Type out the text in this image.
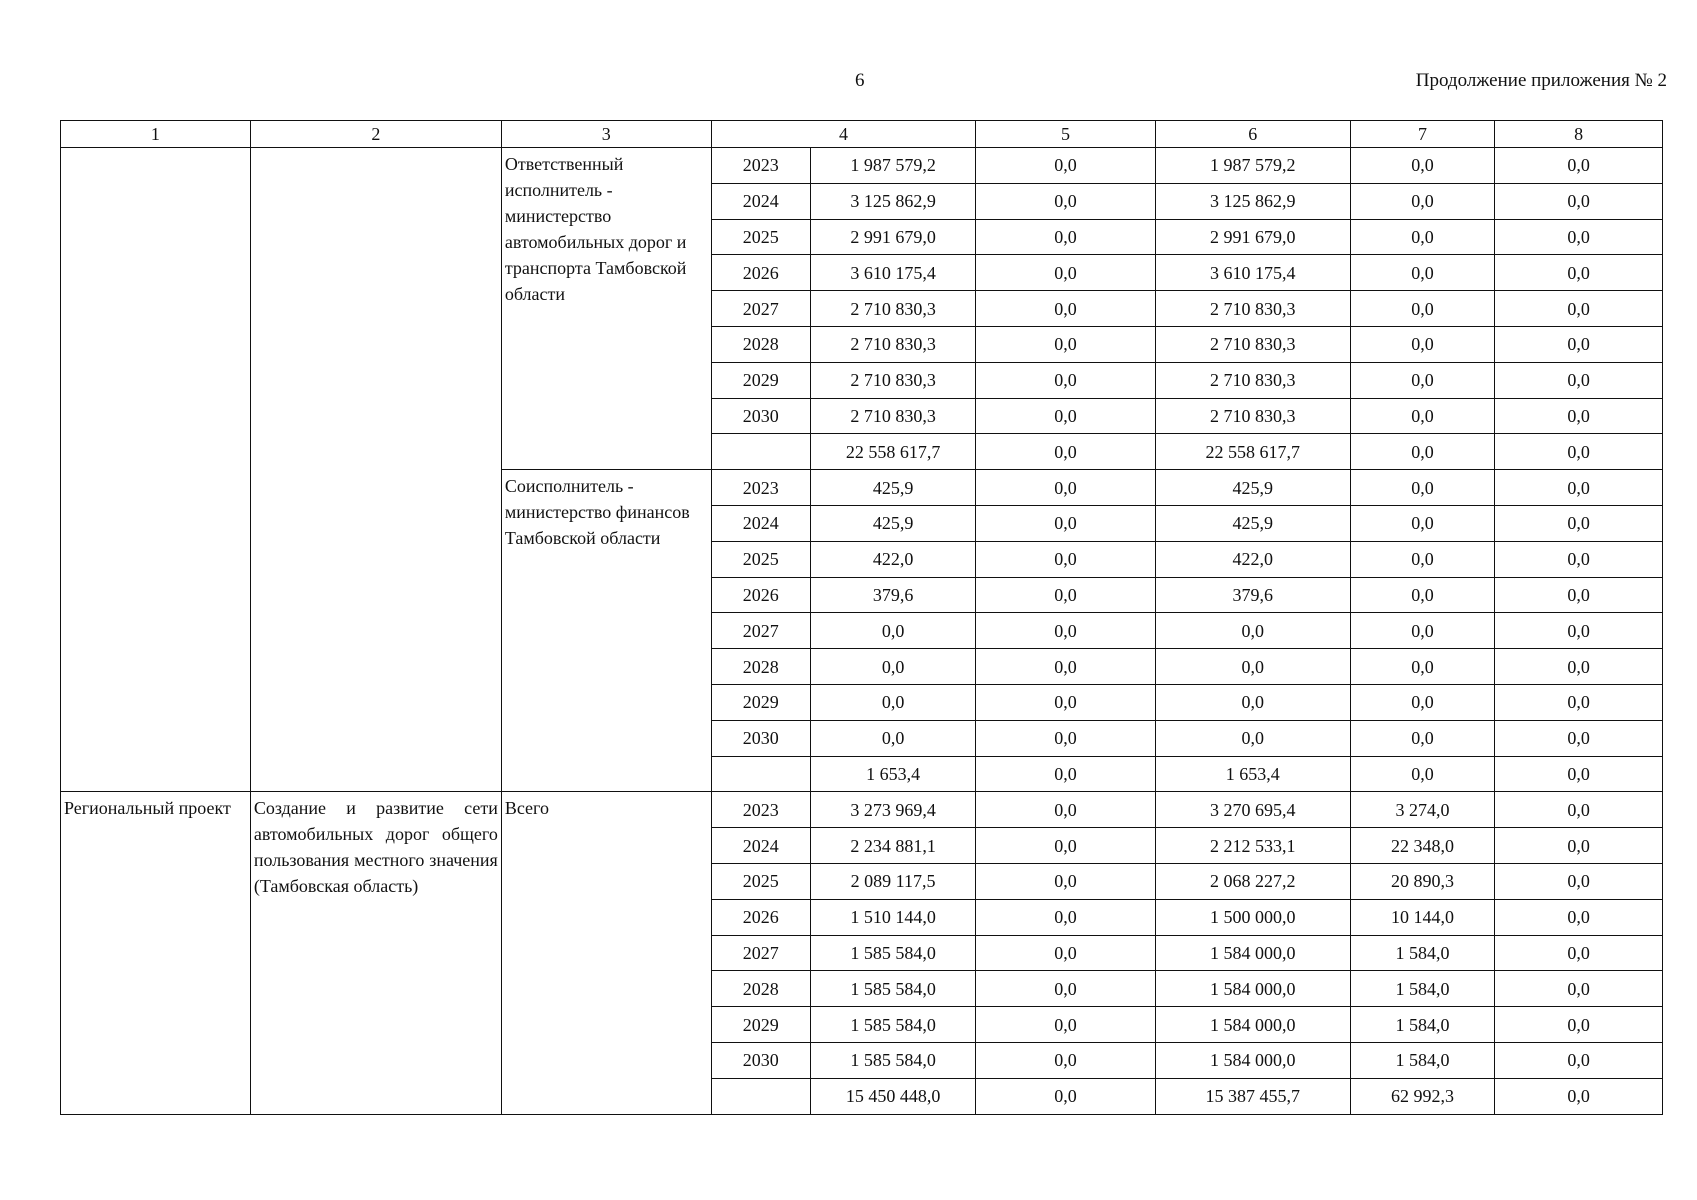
6	Продолжение приложения № 2
1	2	3	4		5	6	7	8
		Ответственный исполнитель - министерство автомобильных дорог и транспорта Тамбовской области	2023	1 987 579,2	0,0	1 987 579,2	0,0	0,0
			2024	3 125 862,9	0,0	3 125 862,9	0,0	0,0
			2025	2 991 679,0	0,0	2 991 679,0	0,0	0,0
			2026	3 610 175,4	0,0	3 610 175,4	0,0	0,0
			2027	2 710 830,3	0,0	2 710 830,3	0,0	0,0
			2028	2 710 830,3	0,0	2 710 830,3	0,0	0,0
			2029	2 710 830,3	0,0	2 710 830,3	0,0	0,0
			2030	2 710 830,3	0,0	2 710 830,3	0,0	0,0
				22 558 617,7	0,0	22 558 617,7	0,0	0,0
		Соисполнитель - министерство финансов Тамбовской области	2023	425,9	0,0	425,9	0,0	0,0
			2024	425,9	0,0	425,9	0,0	0,0
			2025	422,0	0,0	422,0	0,0	0,0
			2026	379,6	0,0	379,6	0,0	0,0
			2027	0,0	0,0	0,0	0,0	0,0
			2028	0,0	0,0	0,0	0,0	0,0
			2029	0,0	0,0	0,0	0,0	0,0
			2030	0,0	0,0	0,0	0,0	0,0
				1 653,4	0,0	1 653,4	0,0	0,0
Региональный проект	Создание и развитие сети автомобильных дорог общего пользования местного значения (Тамбовская область)	Всего	2023	3 273 969,4	0,0	3 270 695,4	3 274,0	0,0
			2024	2 234 881,1	0,0	2 212 533,1	22 348,0	0,0
			2025	2 089 117,5	0,0	2 068 227,2	20 890,3	0,0
			2026	1 510 144,0	0,0	1 500 000,0	10 144,0	0,0
			2027	1 585 584,0	0,0	1 584 000,0	1 584,0	0,0
			2028	1 585 584,0	0,0	1 584 000,0	1 584,0	0,0
			2029	1 585 584,0	0,0	1 584 000,0	1 584,0	0,0
			2030	1 585 584,0	0,0	1 584 000,0	1 584,0	0,0
				15 450 448,0	0,0	15 387 455,7	62 992,3	0,0
